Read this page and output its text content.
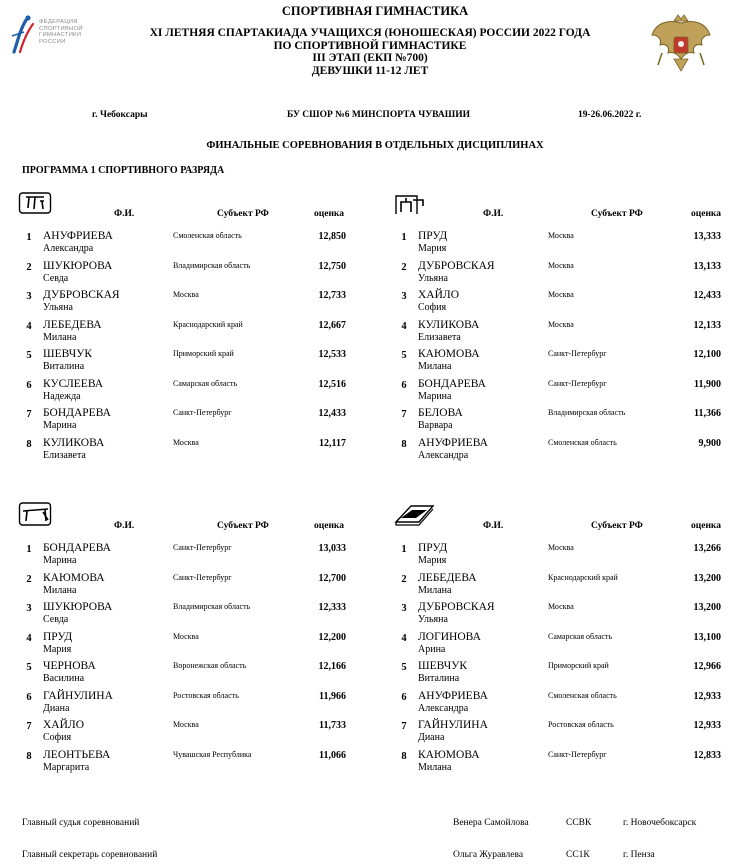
ФЕДЕРАЦИЯ
СПОРТИВНОЙ
ГИМНАСТИКИ
РОССИИ
СПОРТИВНАЯ ГИМНАСТИКА
XI ЛЕТНЯЯ СПАРТАКИАДА УЧАЩИХСЯ (ЮНОШЕСКАЯ) РОССИИ 2022 ГОДА
ПО СПОРТИВНОЙ ГИМНАСТИКЕ
III ЭТАП (ЕКП №700)
ДЕВУШКИ 11-12 ЛЕТ
г. Чебоксары	БУ СШОР №6 МИНСПОРТА ЧУВАШИИ	19-26.06.2022 г.
ФИНАЛЬНЫЕ СОРЕВНОВАНИЯ В ОТДЕЛЬНЫХ ДИСЦИПЛИНАХ
ПРОГРАММА 1 СПОРТИВНОГО РАЗРЯДА
Ф.И.	Субъект РФ	оценка
1 АНУФРИЕВА
Александра
Смоленская область	12,850
2 ШУКЮРОВА
Севда
Владимирская область	12,750
3 ДУБРОВСКАЯ
Ульяна
Москва	12,733
4 ЛЕБЕДЕВА
Милана
Краснодарский край	12,667
5 ШЕВЧУК
Виталина
Приморский край	12,533
6 КУСЛЕЕВА
Надежда
Самарская область	12,516
7 БОНДАРЕВА
Марина
Санкт-Петербург	12,433
8 КУЛИКОВА
Елизавета
Москва	12,117
Ф.И.	Субъект РФ	оценка
1 ПРУД
Мария
Москва	13,333
2 ДУБРОВСКАЯ
Ульяна
Москва	13,133
3 ХАЙЛО
София
Москва	12,433
4 КУЛИКОВА
Елизавета
Москва	12,133
5 КАЮМОВА
Милана
Санкт-Петербург	12,100
6 БОНДАРЕВА
Марина
Санкт-Петербург	11,900
7 БЕЛОВА
Варвара
Владимирская область	11,366
8 АНУФРИЕВА
Александра
Смоленская область	9,900
Ф.И.	Субъект РФ	оценка
1 БОНДАРЕВА
Марина
Санкт-Петербург	13,033
2 КАЮМОВА
Милана
Санкт-Петербург	12,700
3 ШУКЮРОВА
Севда
Владимирская область	12,333
4 ПРУД
Мария
Москва	12,200
5 ЧЕРНОВА
Василина
Воронежская область	12,166
6 ГАЙНУЛИНА
Диана
Ростовская область	11,966
7 ХАЙЛО
София
Москва	11,733
8 ЛЕОНТЬЕВА
Маргарита
Чувашская Республика	11,066
Ф.И.	Субъект РФ	оценка
1 ПРУД
Мария
Москва	13,266
2 ЛЕБЕДЕВА
Милана
Краснодарский край	13,200
3 ДУБРОВСКАЯ
Ульяна
Москва	13,200
4 ЛОГИНОВА
Арина
Самарская область	13,100
5 ШЕВЧУК
Виталина
Приморский край	12,966
6 АНУФРИЕВА
Александра
Смоленская область	12,933
7 ГАЙНУЛИНА
Диана
Ростовская область	12,933
8 КАЮМОВА
Милана
Санкт-Петербург	12,833
Главный судья соревнований	Венера Самойлова	ССВК	г. Новочебоксарск
Главный секретарь соревнований	Ольга Журавлева	СС1К	г. Пенза
